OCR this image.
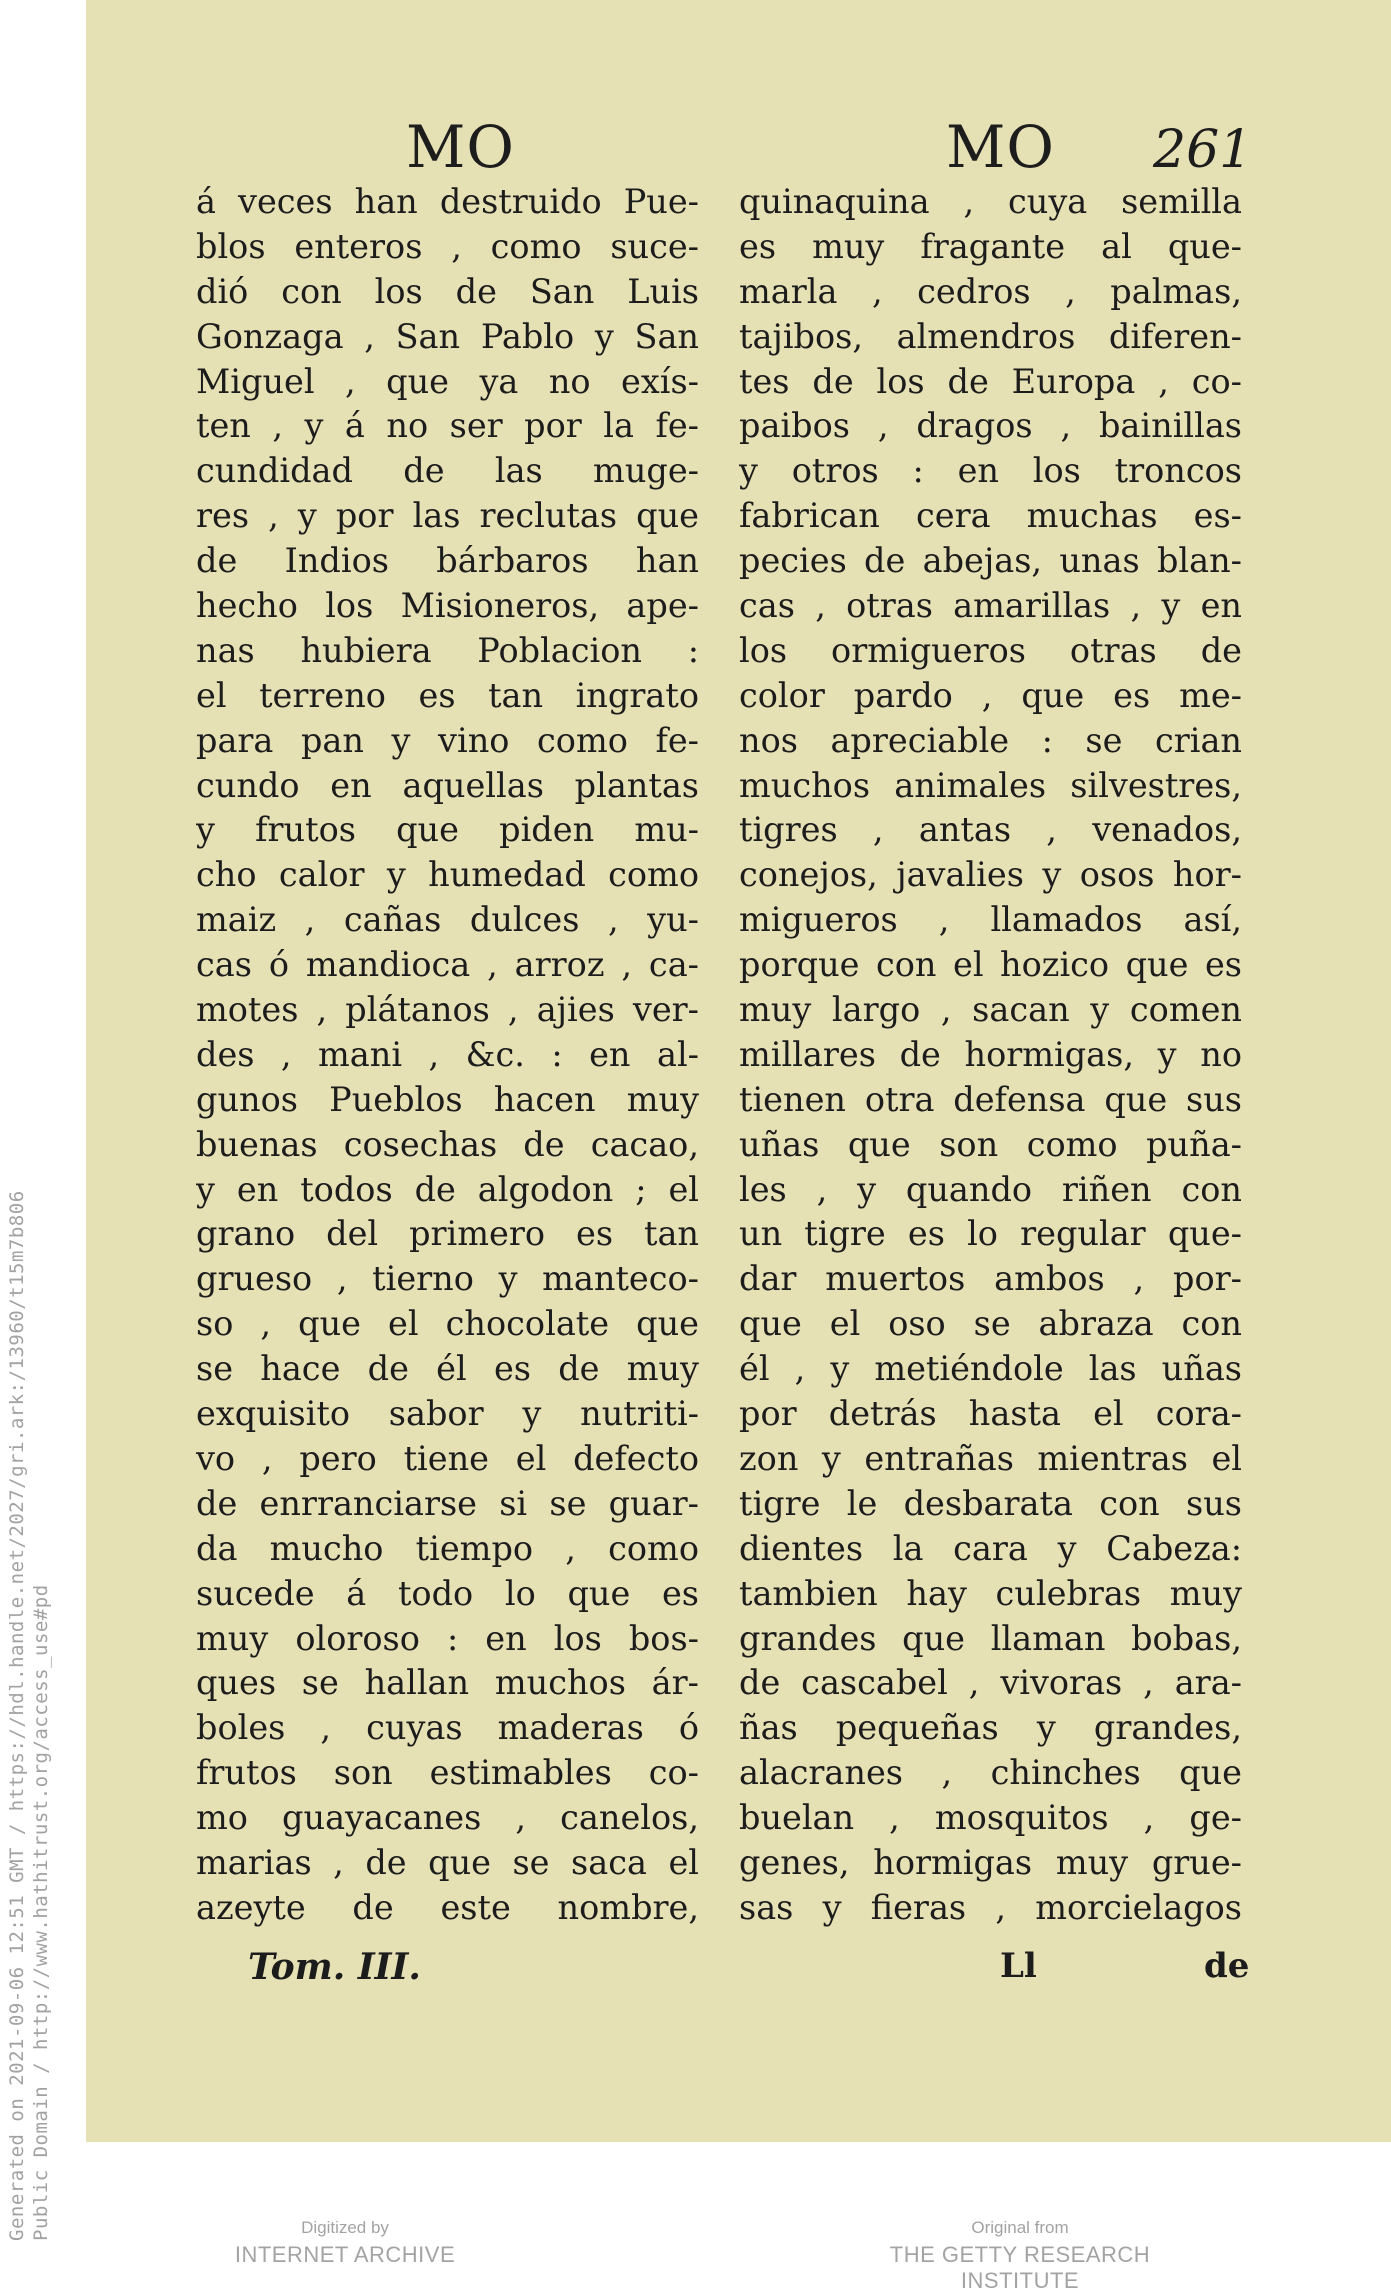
Generated on 2021-09-06 12:51 GMT / https://hdl.handle.net/2027/gri.ark:/13960/t15m7b806 Public Domain / http://www.hathitrust.org/access_use#pd
MO	MO 261
á veces han destruido Pue-
blos enteros , como suce-
dió con los de San Luis
Gonzaga , San Pablo y San
Miguel , que ya no exís-
ten , y á no ser por la fe-
cundidad de las muge-
res , y por las reclutas que
de Indios bárbaros han
hecho los Misioneros, ape-
nas hubiera Poblacion :
el terreno es tan ingrato
para pan y vino como fe-
cundo en aquellas plantas
y frutos que piden mu-
cho calor y humedad como
maiz , cañas dulces , yu-
cas ó mandioca , arroz , ca-
motes , plátanos , ajies ver-
des , mani , &c. : en al-
gunos Pueblos hacen muy
buenas cosechas de cacao,
y en todos de algodon ; el
grano del primero es tan
grueso , tierno y manteco-
so , que el chocolate que
se hace de él es de muy
exquisito sabor y nutriti-
vo , pero tiene el defecto
de enrranciarse si se guar-
da mucho tiempo , como
sucede á todo lo que es
muy oloroso : en los bos-
ques se hallan muchos ár-
boles , cuyas maderas ó
frutos son estimables co-
mo guayacanes , canelos,
marias , de que se saca el
azeyte de este nombre,
quinaquina , cuya semilla
es muy fragante al que-
marla , cedros , palmas,
tajibos, almendros diferen-
tes de los de Europa , co-
paibos , dragos , bainillas
y otros : en los troncos
fabrican cera muchas es-
pecies de abejas, unas blan-
cas , otras amarillas , y en
los ormigueros otras de
color pardo , que es me-
nos apreciable : se crian
muchos animales silvestres,
tigres , antas , venados,
conejos, javalies y osos hor-
migueros , llamados así,
porque con el hozico que es
muy largo , sacan y comen
millares de hormigas, y no
tienen otra defensa que sus
uñas que son como puña-
les , y quando riñen con
un tigre es lo regular que-
dar muertos ambos , por-
que el oso se abraza con
él , y metiéndole las uñas
por detrás hasta el cora-
zon y entrañas mientras el
tigre le desbarata con sus
dientes la cara y Cabeza:
tambien hay culebras muy
grandes que llaman bobas,
de cascabel , vivoras , ara-
ñas pequeñas y grandes,
alacranes , chinches que
buelan , mosquitos , ge-
genes, hormigas muy grue-
sas y fieras , morcielagos
Tom. III.	Ll	de
Digitized by
INTERNET ARCHIVE
Original from
THE GETTY RESEARCH INSTITUTE
